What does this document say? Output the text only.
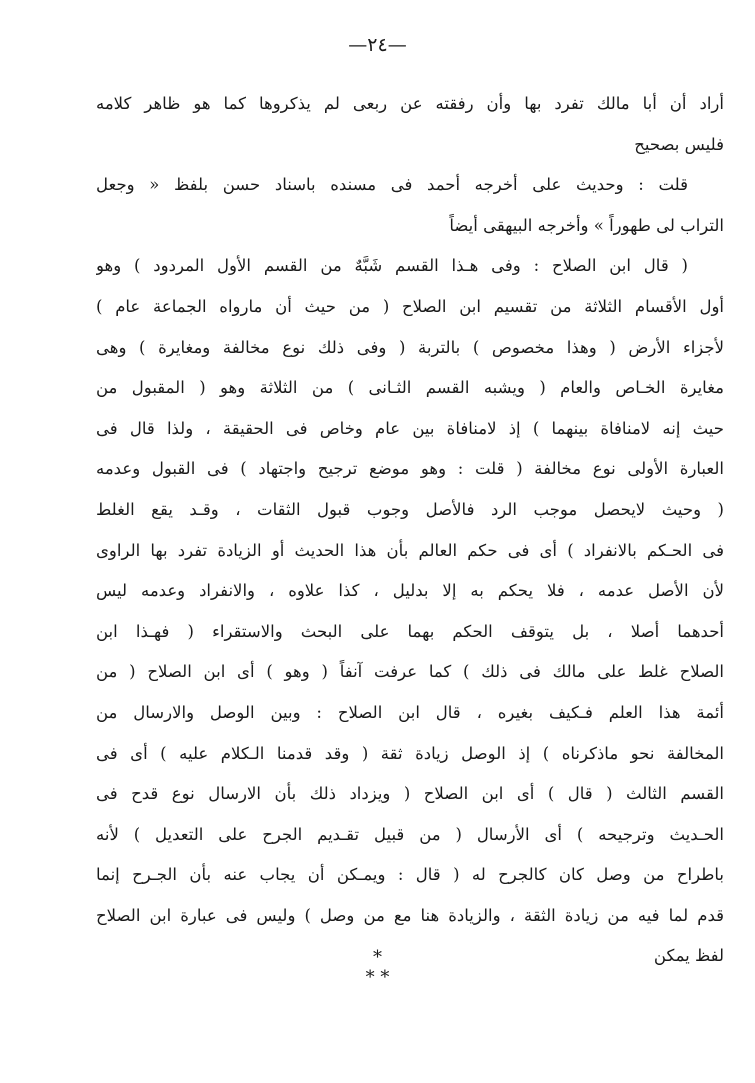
—٢٤—
أراد أن أبا مالك تفرد بها وأن رفقته عن ربعى لم يذكروها كما هو ظاهر كلامه
فليس بصحيح
قلت : وحديث على أخرجه أحمد فى مسنده باسناد حسن بلفظ « وجعل
التراب لى طهوراً » وأخرجه البيهقى أيضاً
( قال ابن الصلاح : وفى هـذا القسم شَبَّهٌ من القسم الأول المردود ) وهو
أول الأقسام الثلاثة من تقسيم ابن الصلاح ( من حيث أن مارواه الجماعة عام )
لأجزاء الأرض ( وهذا مخصوص ) بالتربة ( وفى ذلك نوع مخالفة ومغايرة ) وهى
مغايرة الخـاص والعام ( ويشبه القسم الثـانى ) من الثلاثة وهو ( المقبول من
حيث إنه لامنافاة بينهما ) إذ لامنافاة بين عام وخاص فى الحقيقة ، ولذا قال فى
العبارة الأولى نوع مخالفة ( قلت : وهو موضع ترجيح واجتهاد ) فى القبول وعدمه
( وحيث لايحصل موجب الرد فالأصل وجوب قبول الثقات ، وقـد يقع الغلط
فى الحـكم بالانفراد ) أى فى حكم العالم بأن هذا الحديث أو الزيادة تفرد بها الراوى
لأن الأصل عدمه ، فلا يحكم به إلا بدليل ، كذا علاوه ، والانفراد وعدمه ليس
أحدهما أصلا ، بل يتوقف الحكم بهما على البحث والاستقراء ( فهـذا ابن
الصلاح غلط على مالك فى ذلك ) كما عرفت آنفاً ( وهو ) أى ابن الصلاح ( من
أئمة هذا العلم فـكيف بغيره ، قال ابن الصلاح : وبين الوصل والارسال من
المخالفة نحو ماذكرناه ) إذ الوصل زيادة ثقة ( وقد قدمنا الـكلام عليه ) أى فى
القسم الثالث ( قال ) أى ابن الصلاح ( ويزداد ذلك بأن الارسال نوع قدح فى
الحـديث وترجيحه ) أى الأرسال ( من قبيل تقـديم الجرح على التعديل ) لأنه
باطراح من وصل كان كالجرح له ( قال : ويمـكن أن يجاب عنه بأن الجـرح إنما
قدم لما فيه من زيادة الثقة ، والزيادة هنا مع من وصل ) وليس فى عبارة ابن الصلاح
لفظ يمكن
*
* *
